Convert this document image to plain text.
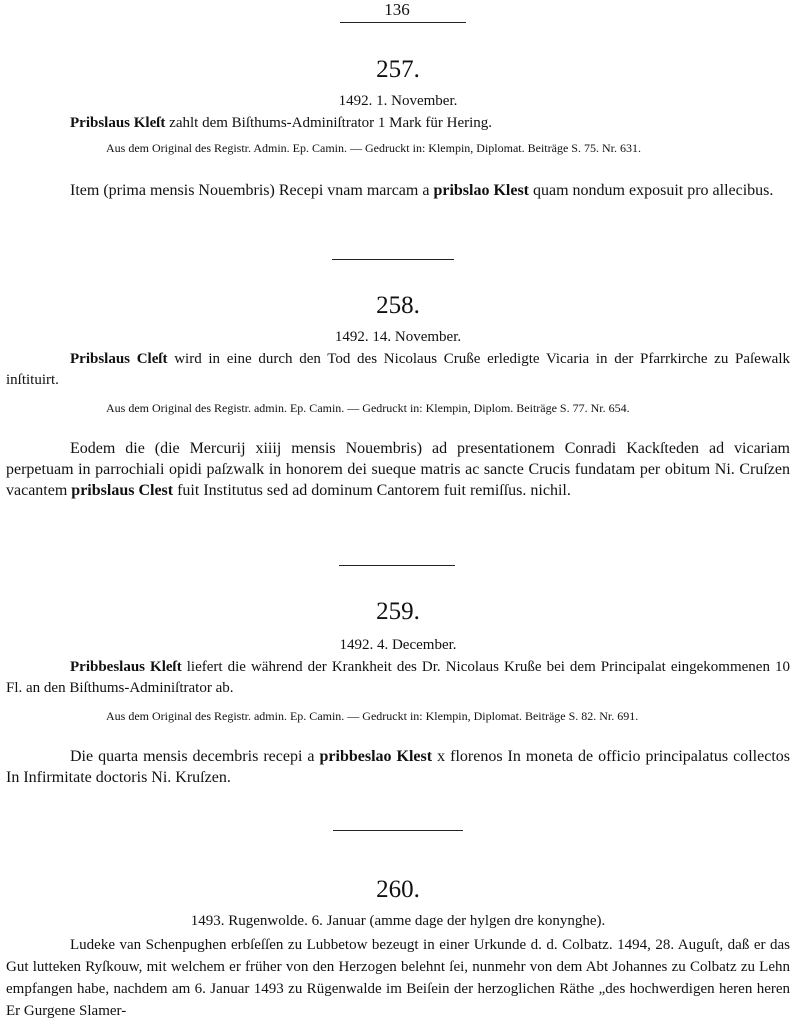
136
257.
1492. 1. November.

Pribslaus Kleſt zahlt dem Biſthums-Adminiſtrator 1 Mark für Hering.

Aus dem Original des Registr. Admin. Ep. Camin. — Gedruckt in: Klempin, Diplomat. Beiträge S. 75. Nr. 631.

Item (prima mensis Nouembris) Recepi vnam marcam a pribslao Klest quam nondum exposuit pro allecibus.

258.
1492. 14. November.

Pribslaus Cleſt wird in eine durch den Tod des Nicolaus Cruße erledigte Vicaria in der Pfarrkirche zu Paſewalk inſtituirt.

Aus dem Original des Registr. admin. Ep. Camin. — Gedruckt in: Klempin, Diplom. Beiträge S. 77. Nr. 654.

Eodem die (die Mercurij xiiij mensis Nouembris) ad presentationem Conradi Kackſteden ad vicariam perpetuam in parrochiali opidi paſzwalk in honorem dei sueque matris ac sancte Crucis fundatam per obitum Ni. Cruſzen vacantem pribslaus Clest fuit Institutus sed ad dominum Cantorem fuit remiſſus. nichil.

259.
1492. 4. December.

Pribbeslaus Kleſt liefert die während der Krankheit des Dr. Nicolaus Kruße bei dem Principalat eingekommenen 10 Fl. an den Biſthums-Adminiſtrator ab.

Aus dem Original des Registr. admin. Ep. Camin. — Gedruckt in: Klempin, Diplomat. Beiträge S. 82. Nr. 691.

Die quarta mensis decembris recepi a pribbeslao Klest x florenos In moneta de officio principalatus collectos In Infirmitate doctoris Ni. Kruſzen.

260.
1493. Rugenwolde. 6. Januar (amme dage der hylgen dre konynghe).

Ludeke van Schenpughen erbſeſſen zu Lubbetow bezeugt in einer Urkunde d. d. Colbatz. 1494, 28. Auguſt, daß er das Gut lutteken Ryſkouw, mit welchem er früher von den Herzogen belehnt ſei, nunmehr von dem Abt Johannes zu Colbatz zu Lehn empfangen habe, nachdem am 6. Januar 1493 zu Rügenwalde im Beiſein der herzoglichen Räthe „des hochwerdigen heren heren Er Gurgene Slamer-
